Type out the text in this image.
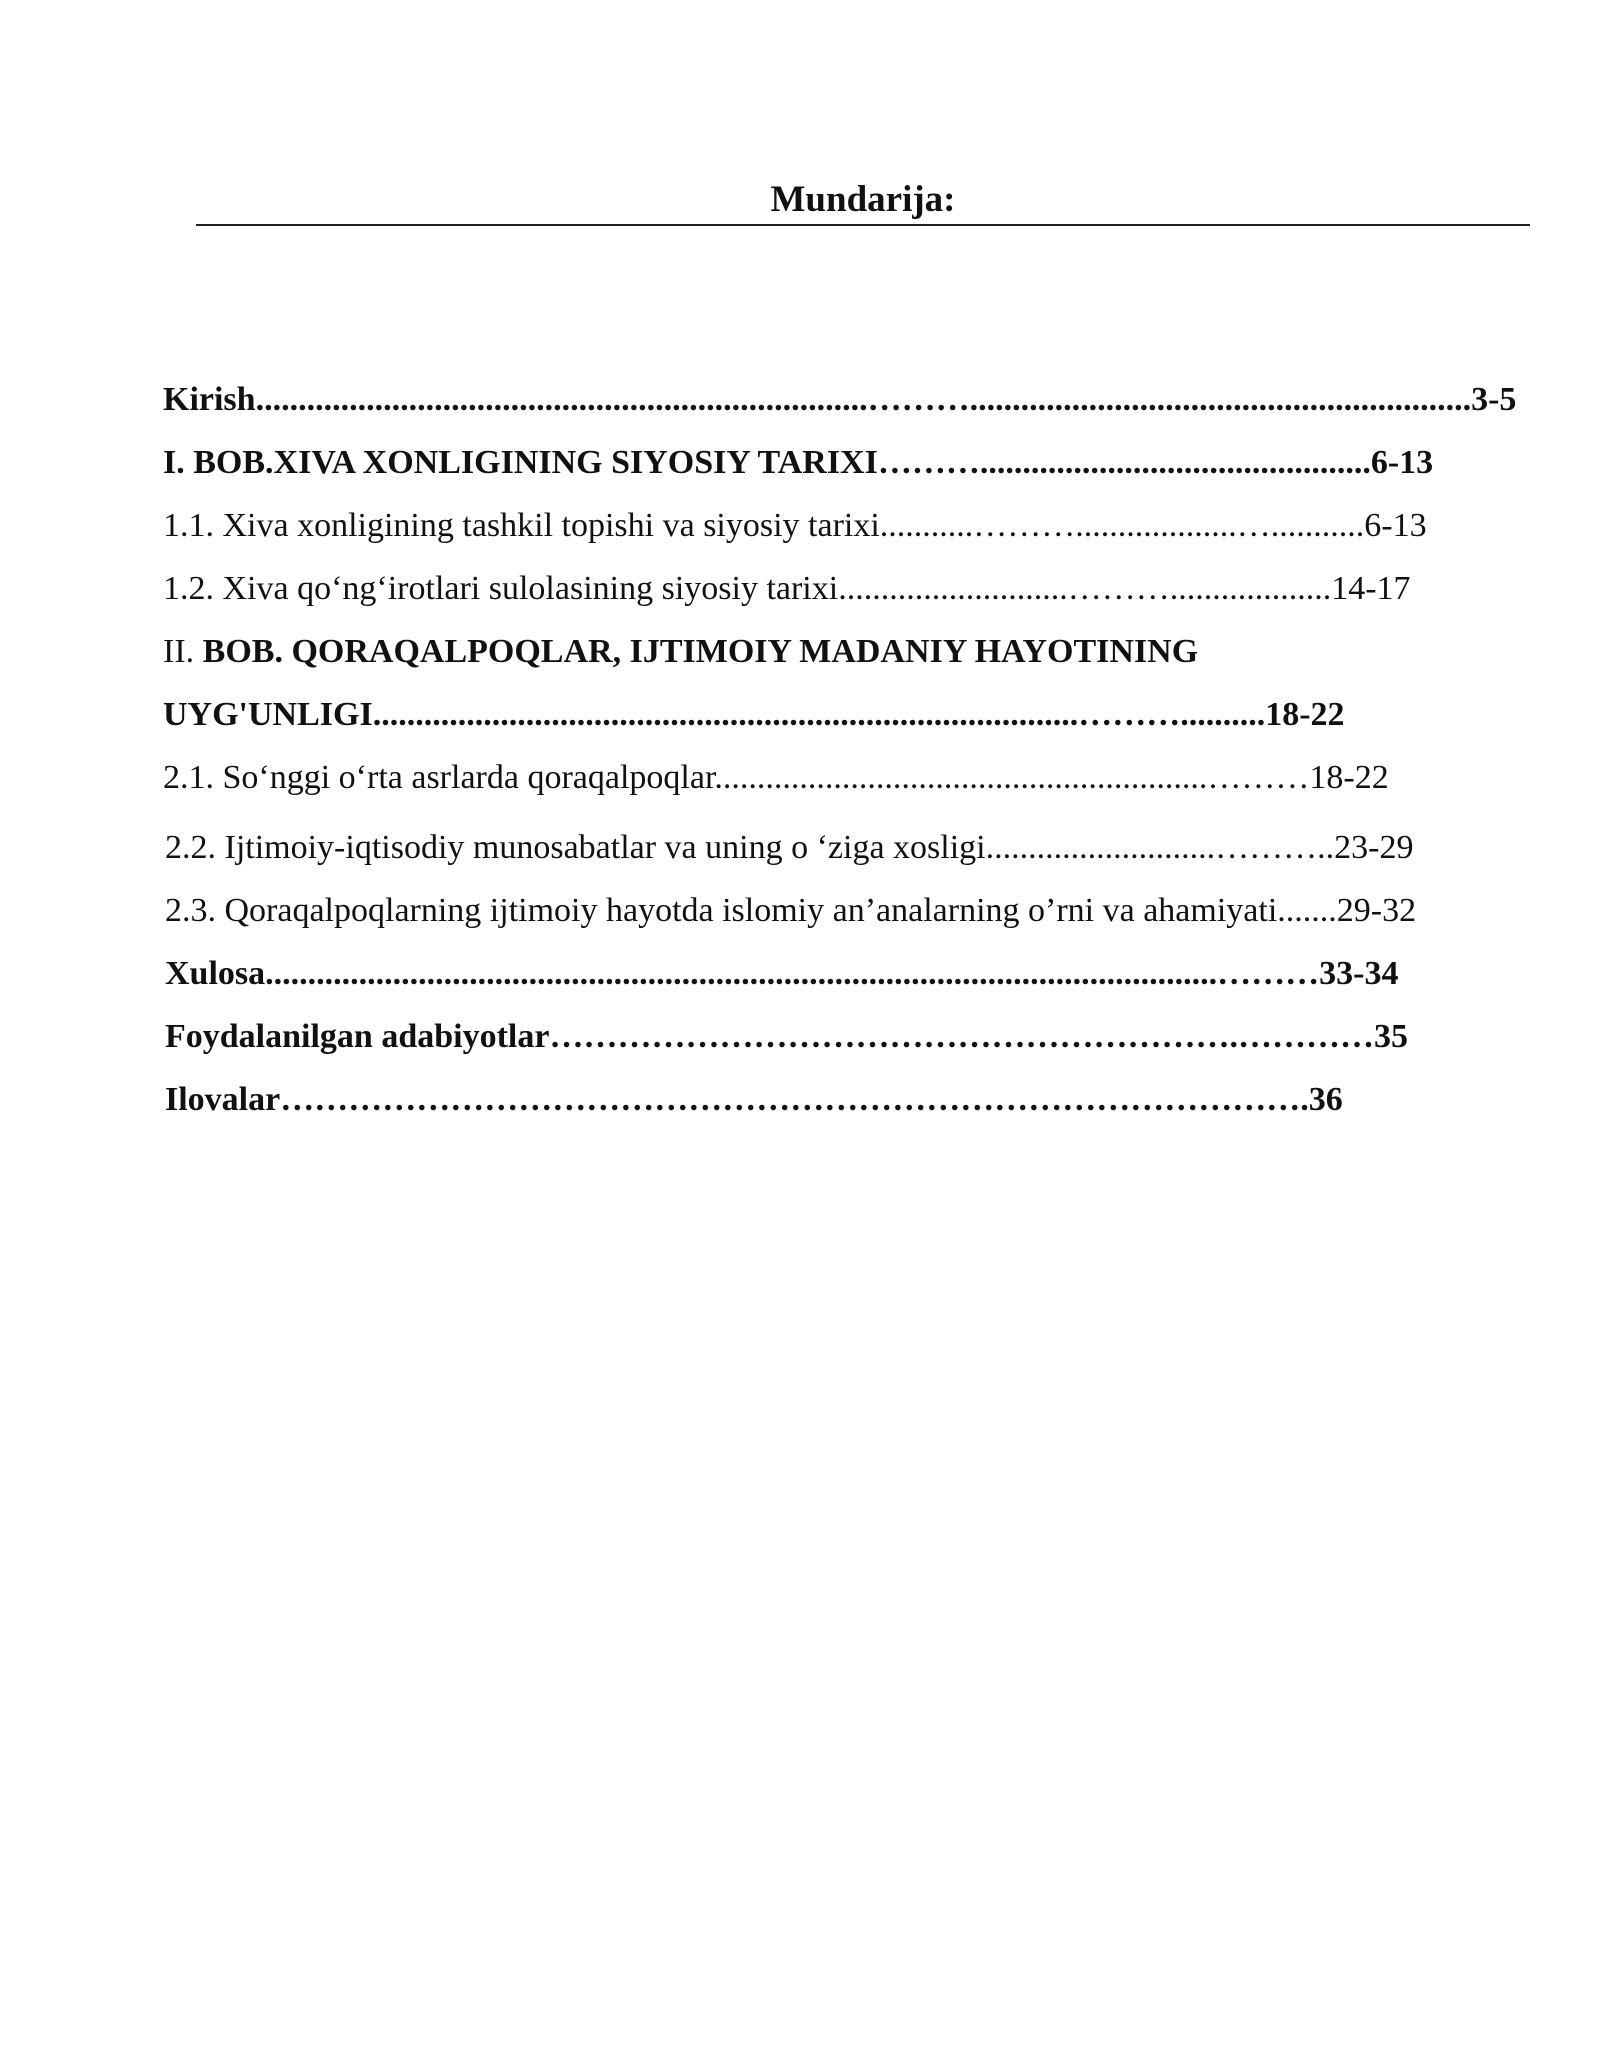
Mundarija:
Kirish........................................................................………...........................................................3-5
I. BOB.XIVA XONLIGINING SIYOSIY TARIXI………..............................................6-13
1.1. Xiva xonligining tashkil topishi va siyosiy tarixi...........………...................…...........6-13
1.2. Xiva qo‘ng‘irotlari sulolasining siyosiy tarixi...........................………...................14-17
II. BOB. QORAQALPOQLAR, IJTIMOIY MADANIY HAYOTINING
UYG'UNLIGI...................................................................................………..........18-22
2.1. So‘nggi o‘rta asrlarda qoraqalpoqlar..........................................................………18-22
2.2. Ijtimoiy-iqtisodiy munosabatlar va uning o ‘ziga xosligi...........................………..23-29
2.3. Qoraqalpoqlarning ijtimoiy hayotda islomiy an’analarning o’rni va ahamiyati.......29-32
Xulosa................................................................................................................………33-34
Foydalanilgan adabiyotlar…………………………………………………….…………35
Ilovalar……………………………………………………………………………….36
